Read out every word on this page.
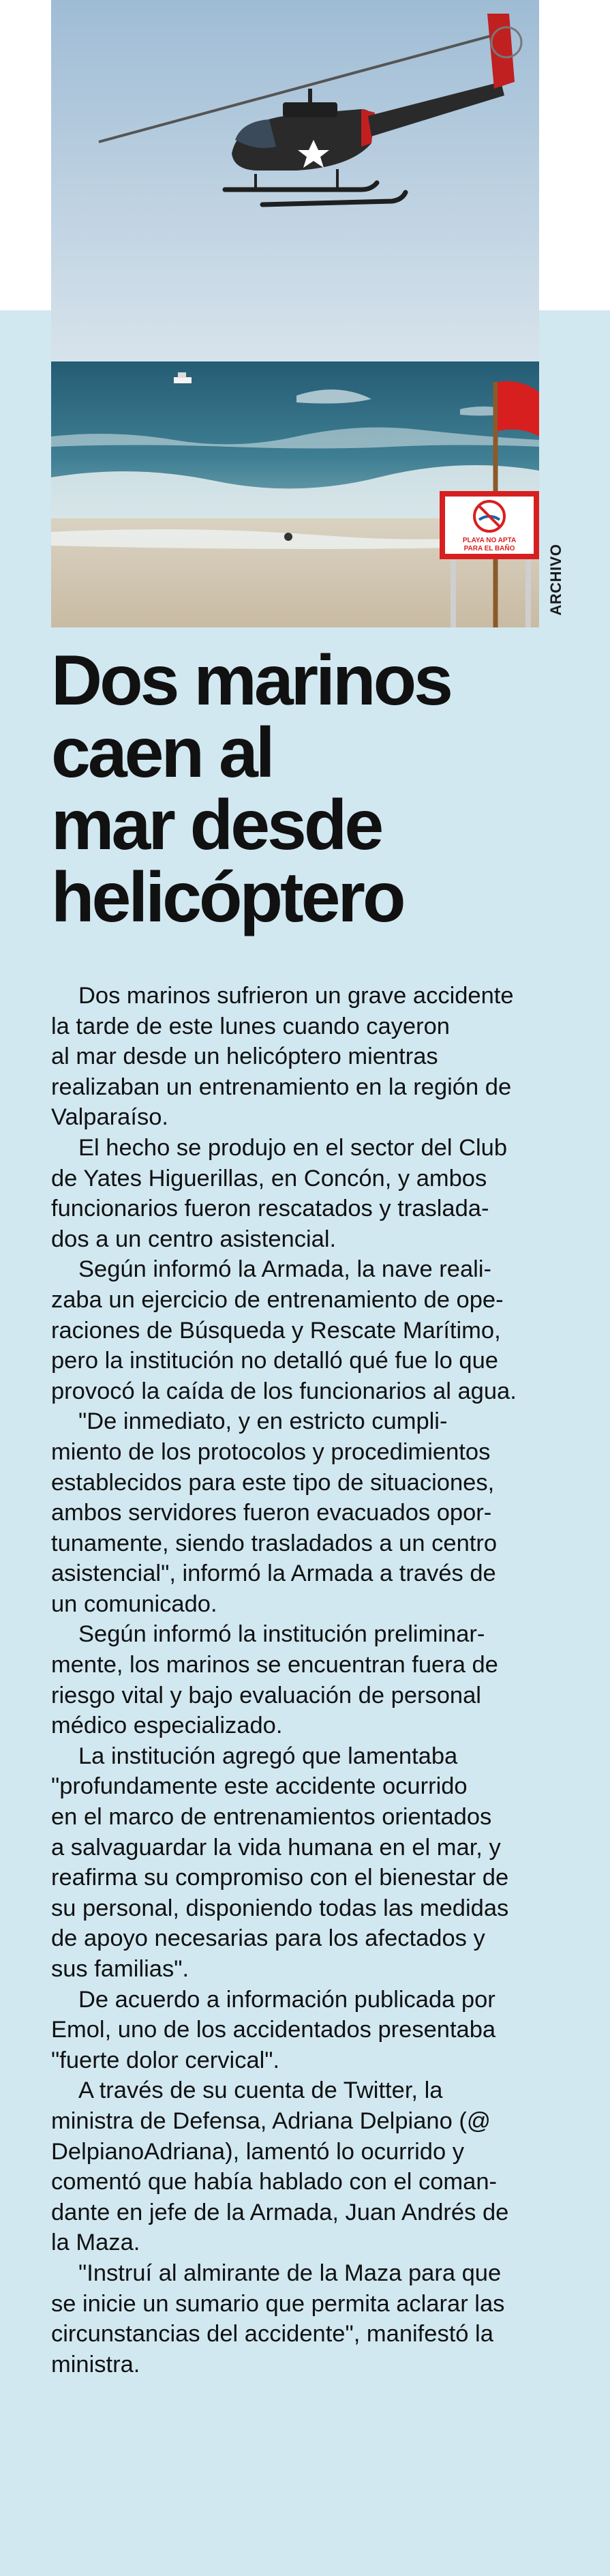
PLAYA NO APTA
PARA EL BAÑO ARCHIVO
Dos marinos
caen al
mar desde
helicóptero

Dos marinos sufrieron un grave accidente
la tarde de este lunes cuando cayeron
al mar desde un helicóptero mientras
realizaban un entrenamiento en la región de
Valparaíso.

El hecho se produjo en el sector del Club
de Yates Higuerillas, en Concón, y ambos
funcionarios fueron rescatados y traslada-
dos a un centro asistencial.

Según informó la Armada, la nave reali-
zaba un ejercicio de entrenamiento de ope-
raciones de Búsqueda y Rescate Marítimo,
pero la institución no detalló qué fue lo que
provocó la caída de los funcionarios al agua.

"De inmediato, y en estricto cumpli-
miento de los protocolos y procedimientos
establecidos para este tipo de situaciones,
ambos servidores fueron evacuados opor-
tunamente, siendo trasladados a un centro
asistencial", informó la Armada a través de
un comunicado.

Según informó la institución preliminar-
mente, los marinos se encuentran fuera de
riesgo vital y bajo evaluación de personal
médico especializado.

La institución agregó que lamentaba
"profundamente este accidente ocurrido
en el marco de entrenamientos orientados
a salvaguardar la vida humana en el mar, y
reafirma su compromiso con el bienestar de
su personal, disponiendo todas las medidas
de apoyo necesarias para los afectados y
sus familias".

De acuerdo a información publicada por
Emol, uno de los accidentados presentaba
"fuerte dolor cervical".

A través de su cuenta de Twitter, la
ministra de Defensa, Adriana Delpiano (@
DelpianoAdriana), lamentó lo ocurrido y
comentó que había hablado con el coman-
dante en jefe de la Armada, Juan Andrés de
la Maza.

"Instruí al almirante de la Maza para que
se inicie un sumario que permita aclarar las
circunstancias del accidente", manifestó la
ministra.
